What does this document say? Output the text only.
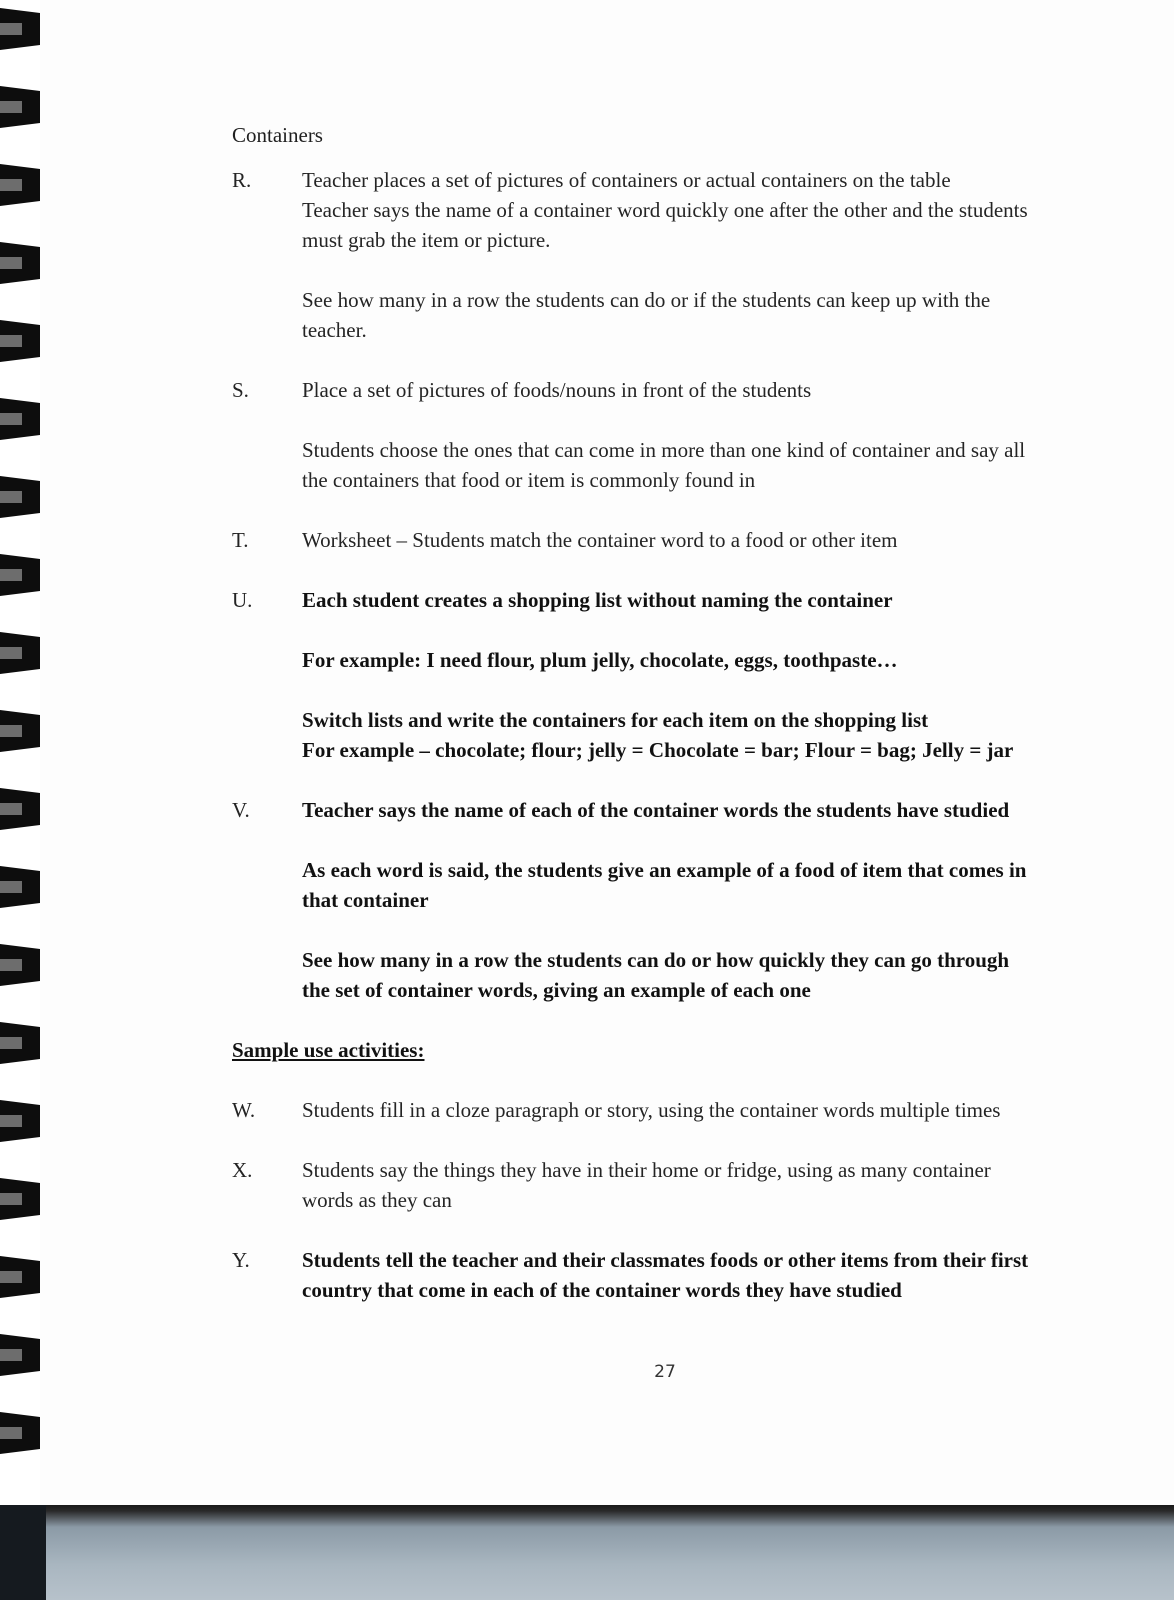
Containers
R. Teacher places a set of pictures of containers or actual containers on the table
Teacher says the name of a container word quickly one after the other and the students
must grab the item or picture.
See how many in a row the students can do or if the students can keep up with the
teacher.
S.	Place a set of pictures of foods/nouns in front of the students
Students choose the ones that can come in more than one kind of container and say all
the containers that food or item is commonly found in
T.	Worksheet – Students match the container word to a food or other item
U. Each student creates a shopping list without naming the container
For example: I need flour, plum jelly, chocolate, eggs, toothpaste…
Switch lists and write the containers for each item on the shopping list
For example – chocolate; flour; jelly = Chocolate = bar; Flour = bag; Jelly = jar
V. Teacher says the name of each of the container words the students have studied
As each word is said, the students give an example of a food of item that comes in
that container
See how many in a row the students can do or how quickly they can go through
the set of container words, giving an example of each one
Sample use activities:
W. Students fill in a cloze paragraph or story, using the container words multiple times
X. Students say the things they have in their home or fridge, using as many container
words as they can
Y. Students tell the teacher and their classmates foods or other items from their first
country that come in each of the container words they have studied
27
